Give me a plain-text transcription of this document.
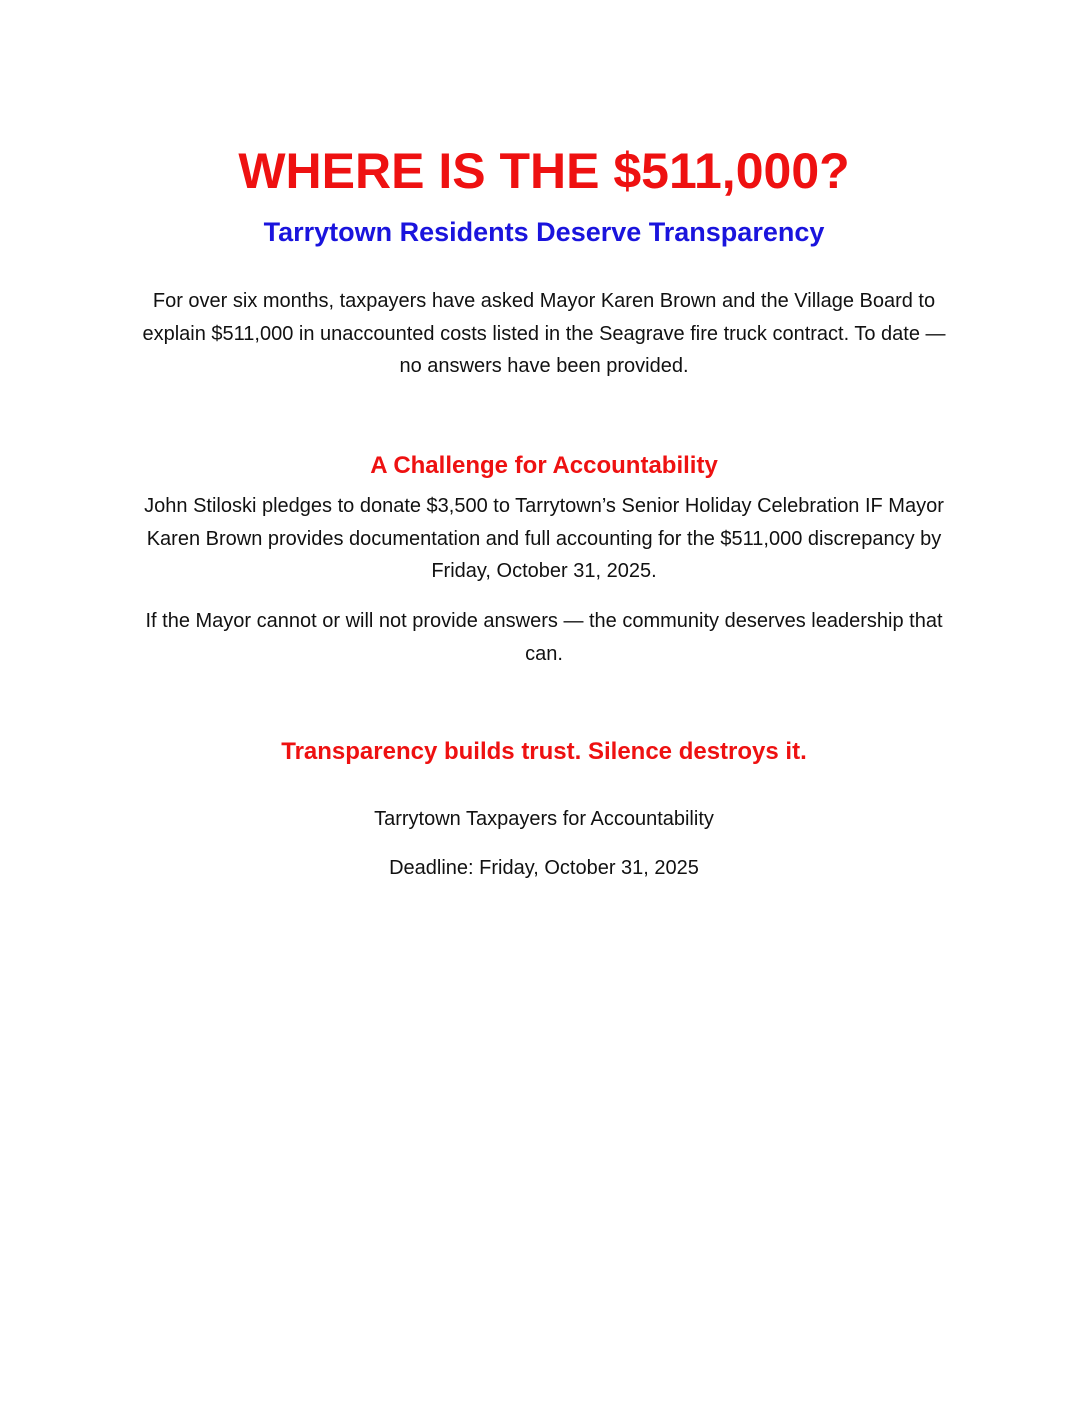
WHERE IS THE $511,000?
Tarrytown Residents Deserve Transparency

For over six months, taxpayers have asked Mayor Karen Brown and the Village Board to explain $511,000 in unaccounted costs listed in the Seagrave fire truck contract. To date — no answers have been provided.

A Challenge for Accountability

John Stiloski pledges to donate $3,500 to Tarrytown’s Senior Holiday Celebration IF Mayor Karen Brown provides documentation and full accounting for the $511,000 discrepancy by Friday, October 31, 2025.

If the Mayor cannot or will not provide answers — the community deserves leadership that can.

Transparency builds trust. Silence destroys it.

Tarrytown Taxpayers for Accountability

Deadline: Friday, October 31, 2025
